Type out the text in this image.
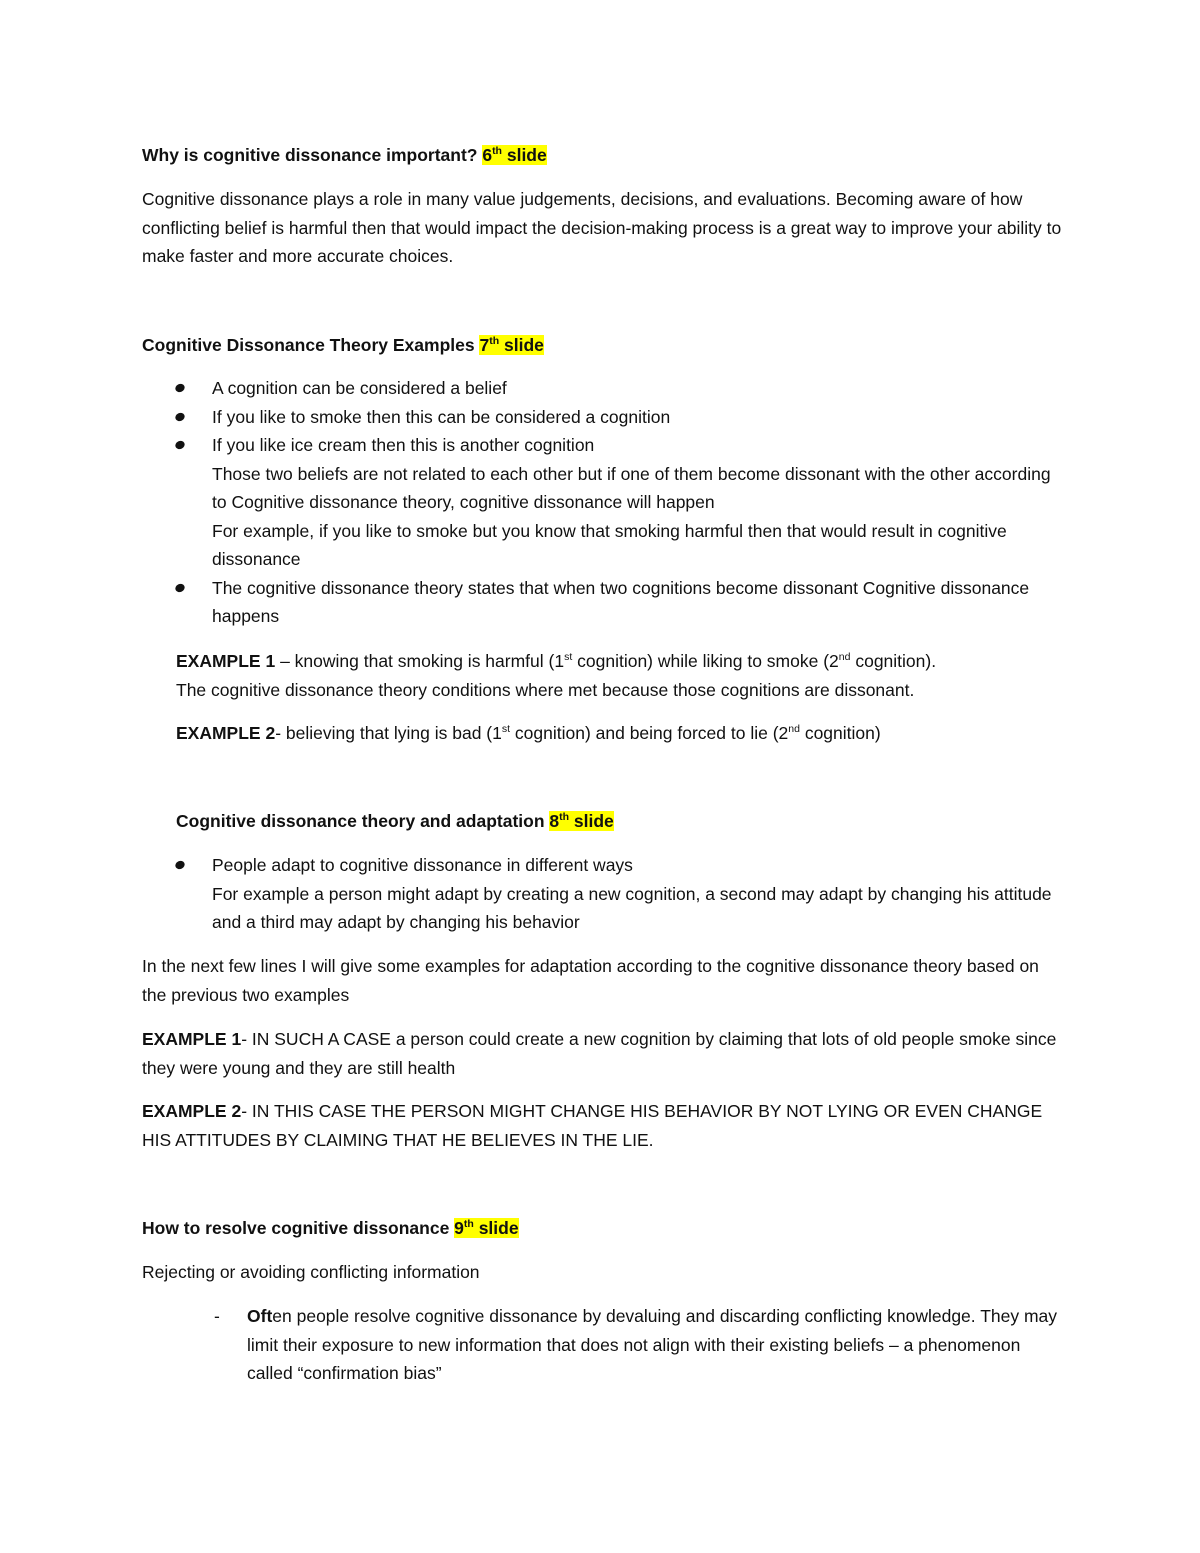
Why is cognitive dissonance important? 6th slide
Cognitive dissonance plays a role in many value judgements, decisions, and evaluations. Becoming aware of how conflicting belief is harmful then that would impact the decision-making process is a great way to improve your ability to make faster and more accurate choices.
Cognitive Dissonance Theory Examples 7th slide
A cognition can be considered a belief
If you like to smoke then this can be considered a cognition
If you like ice cream then this is another cognition
Those two beliefs are not related to each other but if one of them become dissonant with the other according to Cognitive dissonance theory, cognitive dissonance will happen
For example, if you like to smoke but you know that smoking harmful then that would result in cognitive dissonance
The cognitive dissonance theory states that when two cognitions become dissonant Cognitive dissonance happens
EXAMPLE 1 – knowing that smoking is harmful (1st cognition) while liking to smoke (2nd cognition).
The cognitive dissonance theory conditions where met because those cognitions are dissonant.
EXAMPLE 2- believing that lying is bad (1st cognition) and being forced to lie (2nd cognition)
Cognitive dissonance theory and adaptation 8th slide
People adapt to cognitive dissonance in different ways
For example a person might adapt by creating a new cognition, a second may adapt by changing his attitude and a third may adapt by changing his behavior
In the next few lines I will give some examples for adaptation according to the cognitive dissonance theory based on the previous two examples
EXAMPLE 1- IN SUCH A CASE a person could create a new cognition by claiming that lots of old people smoke since they were young and they are still health
EXAMPLE 2- IN THIS CASE THE PERSON MIGHT CHANGE HIS BEHAVIOR BY NOT LYING OR EVEN CHANGE HIS ATTITUDES BY CLAIMING THAT HE BELIEVES IN THE LIE.
How to resolve cognitive dissonance 9th slide
Rejecting or avoiding conflicting information
- Often people resolve cognitive dissonance by devaluing and discarding conflicting knowledge. They may limit their exposure to new information that does not align with their existing beliefs – a phenomenon called “confirmation bias”
